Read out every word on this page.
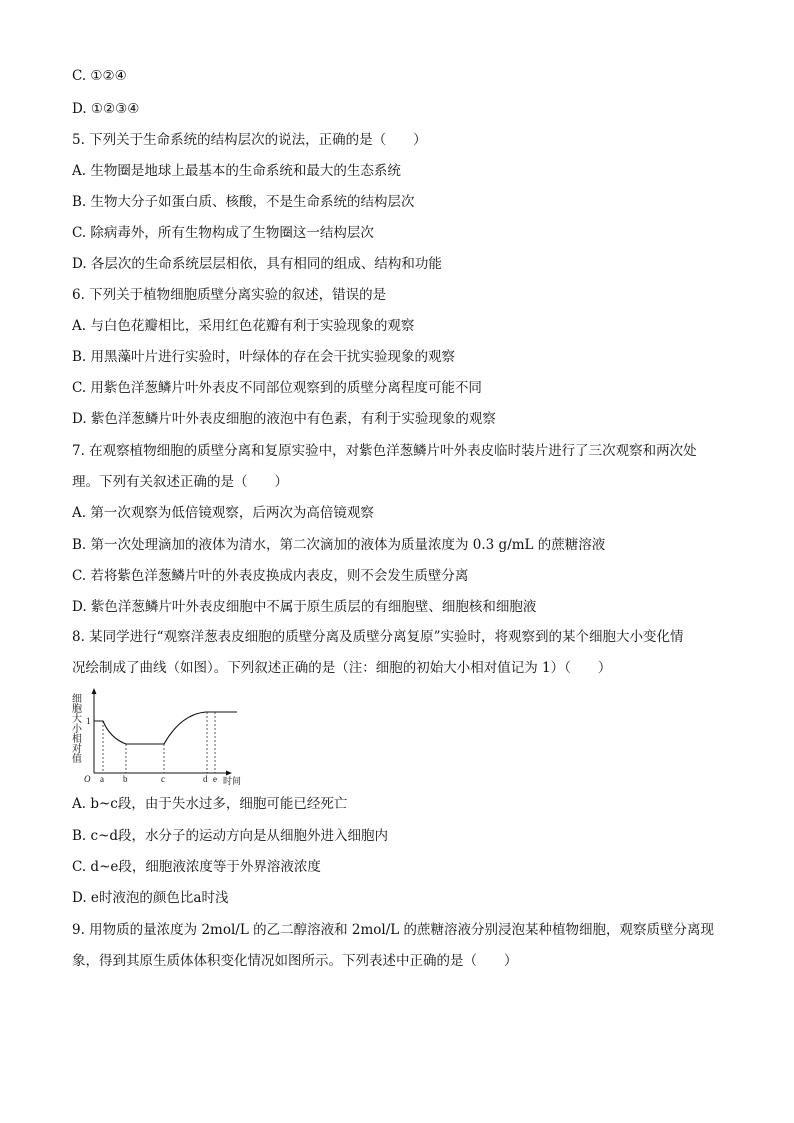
C. ①②④
D. ①②③④
5. 下列关于生命系统的结构层次的说法，正确的是（　　）
A. 生物圈是地球上最基本的生命系统和最大的生态系统
B. 生物大分子如蛋白质、核酸，不是生命系统的结构层次
C. 除病毒外，所有生物构成了生物圈这一结构层次
D. 各层次的生命系统层层相依，具有相同的组成、结构和功能
6. 下列关于植物细胞质壁分离实验的叙述，错误的是
A. 与白色花瓣相比，采用红色花瓣有利于实验现象的观察
B. 用黑藻叶片进行实验时，叶绿体的存在会干扰实验现象的观察
C. 用紫色洋葱鳞片叶外表皮不同部位观察到的质壁分离程度可能不同
D. 紫色洋葱鳞片叶外表皮细胞的液泡中有色素，有利于实验现象的观察
7. 在观察植物细胞的质壁分离和复原实验中，对紫色洋葱鳞片叶外表皮临时装片进行了三次观察和两次处
理。下列有关叙述正确的是（　　）
A. 第一次观察为低倍镜观察，后两次为高倍镜观察
B. 第一次处理滴加的液体为清水，第二次滴加的液体为质量浓度为 0.3 g/mL 的蔗糖溶液
C. 若将紫色洋葱鳞片叶的外表皮换成内表皮，则不会发生质壁分离
D. 紫色洋葱鳞片叶外表皮细胞中不属于原生质层的有细胞壁、细胞核和细胞液
8. 某同学进行“观察洋葱表皮细胞的质壁分离及质壁分离复原”实验时，将观察到的某个细胞大小变化情
况绘制成了曲线（如图）。下列叙述正确的是（注：细胞的初始大小相对值记为 1）（　　）
细胞大小相对值 1
O a b	c	d e 时间
A. b~c段，由于失水过多，细胞可能已经死亡
B. c~d段，水分子的运动方向是从细胞外进入细胞内
C. d~e段，细胞液浓度等于外界溶液浓度
D. e时液泡的颜色比a时浅
9. 用物质的量浓度为 2mol/L 的乙二醇溶液和 2mol/L 的蔗糖溶液分别浸泡某种植物细胞，观察质壁分离现
象，得到其原生质体体积变化情况如图所示。下列表述中正确的是（　　）
